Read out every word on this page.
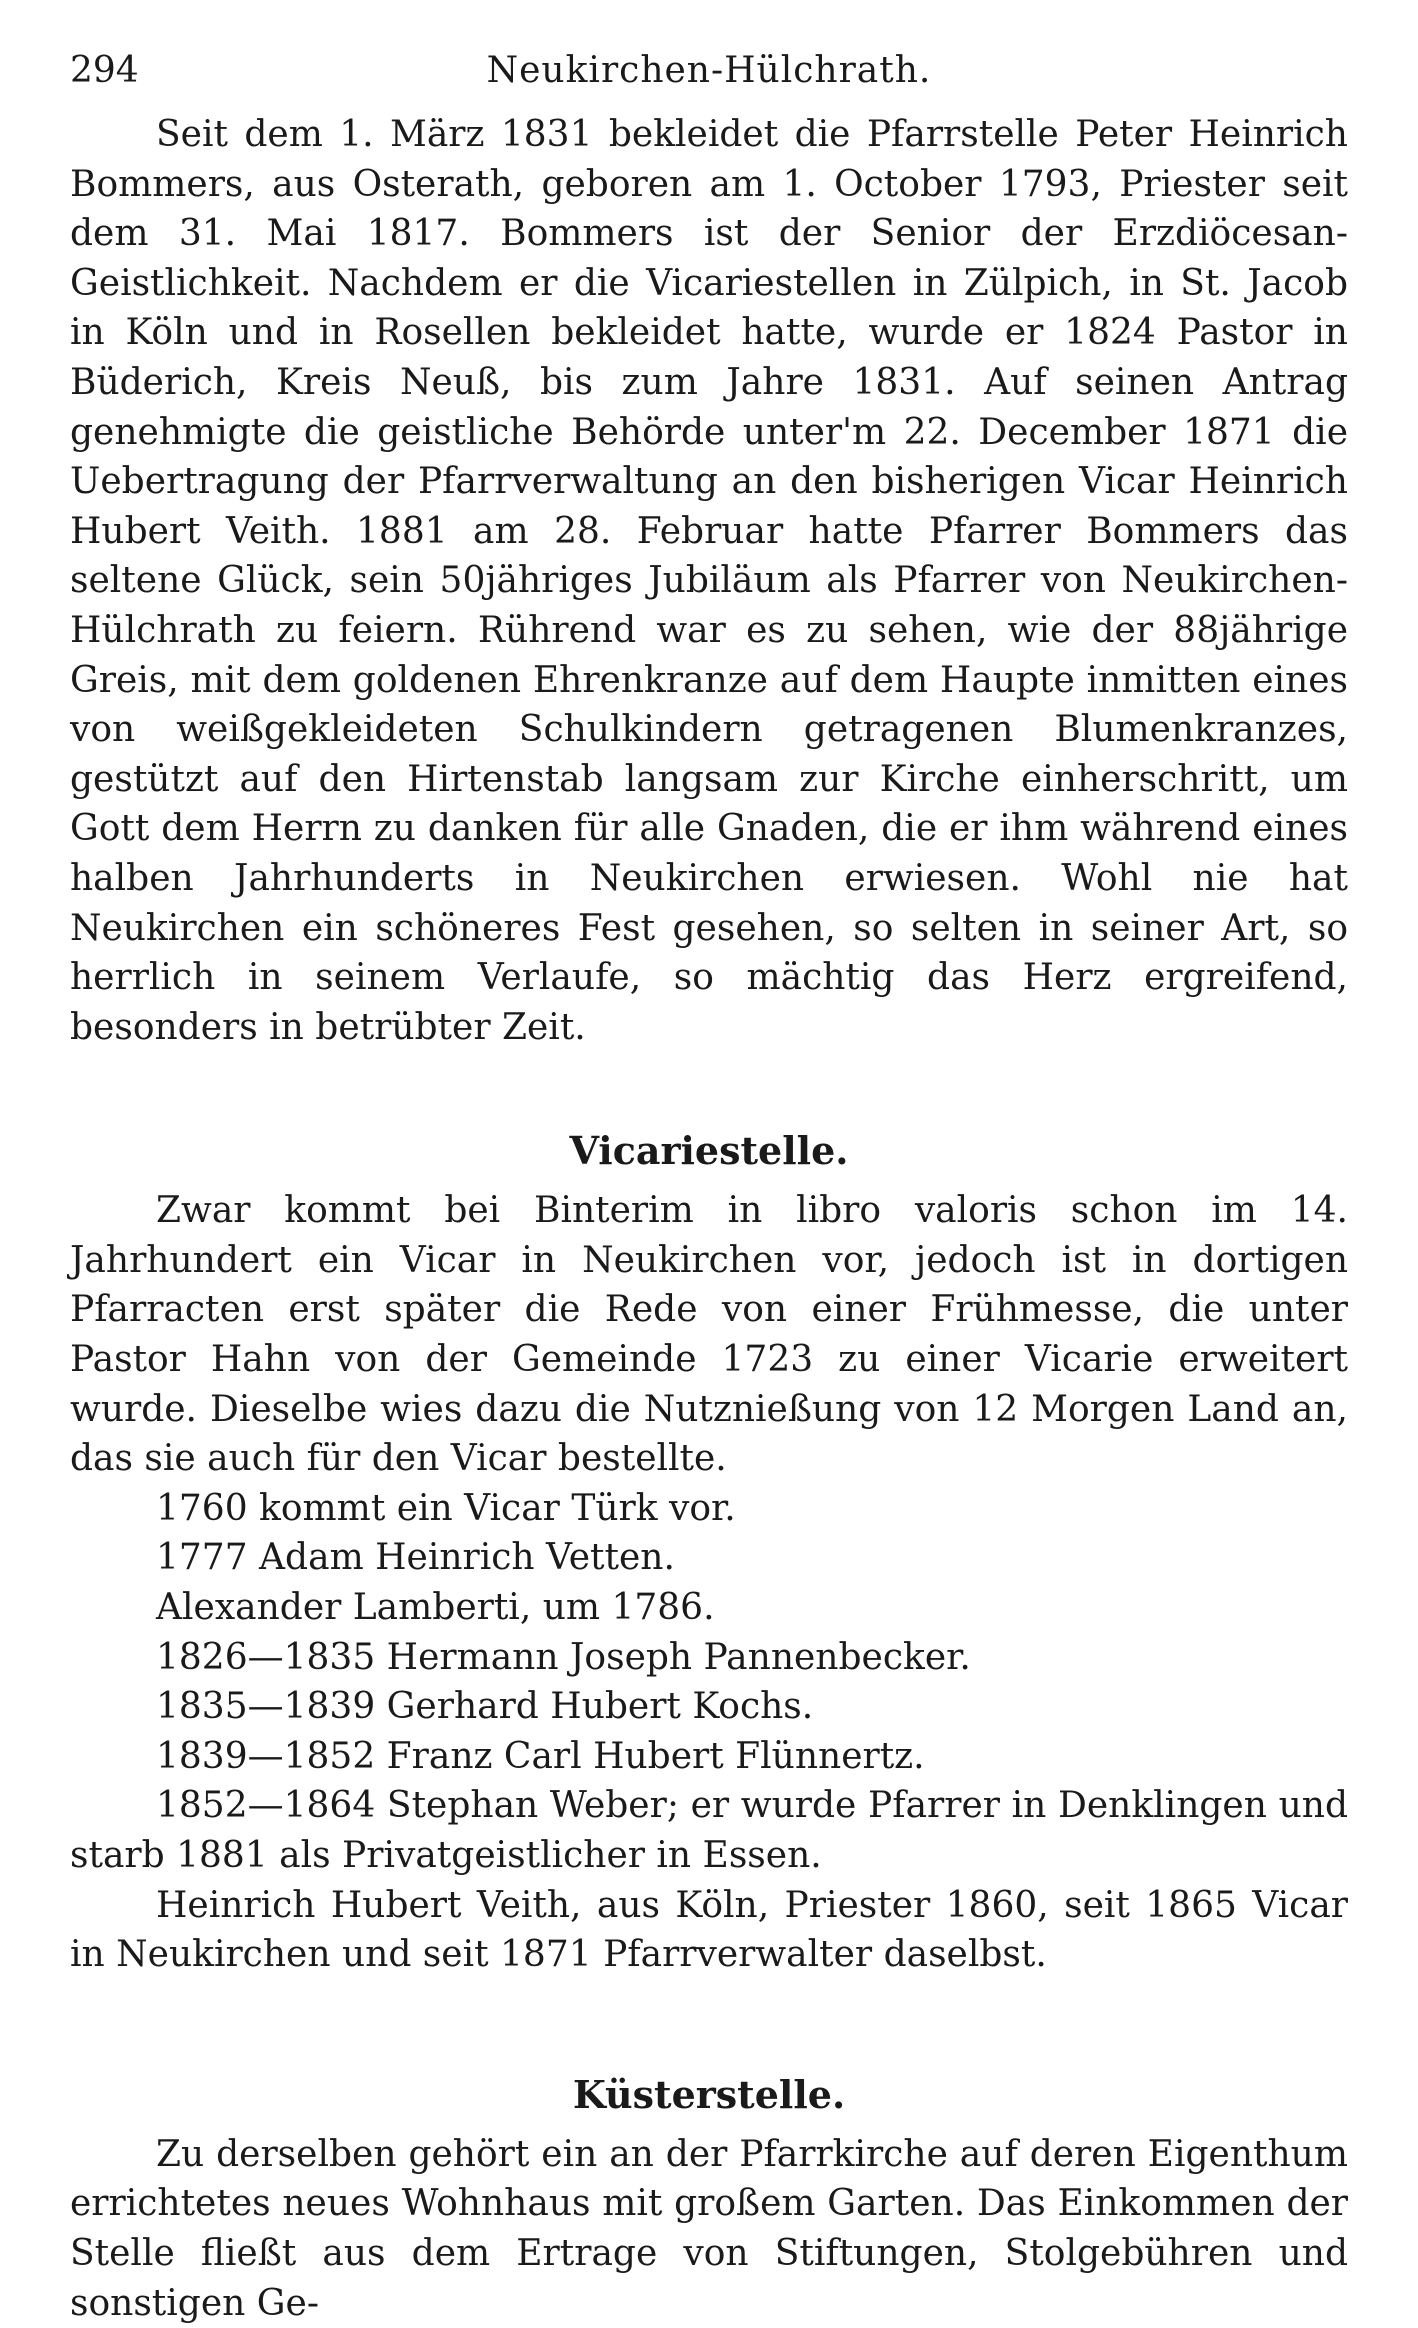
294	Neukirchen-Hülchrath.

Seit dem 1. März 1831 bekleidet die Pfarrstelle Peter Heinrich Bommers, aus Osterath, geboren am 1. October 1793, Priester seit dem 31. Mai 1817. Bommers ist der Senior der Erzdiöcesan-Geistlichkeit. Nachdem er die Vicariestellen in Zülpich, in St. Jacob in Köln und in Rosellen bekleidet hatte, wurde er 1824 Pastor in Büderich, Kreis Neuß, bis zum Jahre 1831. Auf seinen Antrag genehmigte die geistliche Behörde unter'm 22. December 1871 die Uebertragung der Pfarrverwaltung an den bisherigen Vicar Heinrich Hubert Veith. 1881 am 28. Februar hatte Pfarrer Bommers das seltene Glück, sein 50jähriges Jubiläum als Pfarrer von Neukirchen-Hülchrath zu feiern. Rührend war es zu sehen, wie der 88jährige Greis, mit dem goldenen Ehrenkranze auf dem Haupte inmitten eines von weißgekleideten Schulkindern getragenen Blumenkranzes, gestützt auf den Hirtenstab langsam zur Kirche einherschritt, um Gott dem Herrn zu danken für alle Gnaden, die er ihm während eines halben Jahrhunderts in Neukirchen erwiesen. Wohl nie hat Neukirchen ein schöneres Fest gesehen, so selten in seiner Art, so herrlich in seinem Verlaufe, so mächtig das Herz ergreifend, besonders in betrübter Zeit.

Vicariestelle.

Zwar kommt bei Binterim in libro valoris schon im 14. Jahrhundert ein Vicar in Neukirchen vor, jedoch ist in dortigen Pfarracten erst später die Rede von einer Frühmesse, die unter Pastor Hahn von der Gemeinde 1723 zu einer Vicarie erweitert wurde. Dieselbe wies dazu die Nutznießung von 12 Morgen Land an, das sie auch für den Vicar bestellte.

1760 kommt ein Vicar Türk vor.

1777 Adam Heinrich Vetten.

Alexander Lamberti, um 1786.

1826—1835 Hermann Joseph Pannenbecker.

1835—1839 Gerhard Hubert Kochs.

1839—1852 Franz Carl Hubert Flünnertz.

1852—1864 Stephan Weber; er wurde Pfarrer in Denklingen und starb 1881 als Privatgeistlicher in Essen.

Heinrich Hubert Veith, aus Köln, Priester 1860, seit 1865 Vicar in Neukirchen und seit 1871 Pfarrverwalter daselbst.

Küsterstelle.

Zu derselben gehört ein an der Pfarrkirche auf deren Eigenthum errichtetes neues Wohnhaus mit großem Garten. Das Einkommen der Stelle fließt aus dem Ertrage von Stiftungen, Stolgebühren und sonstigen Ge-
